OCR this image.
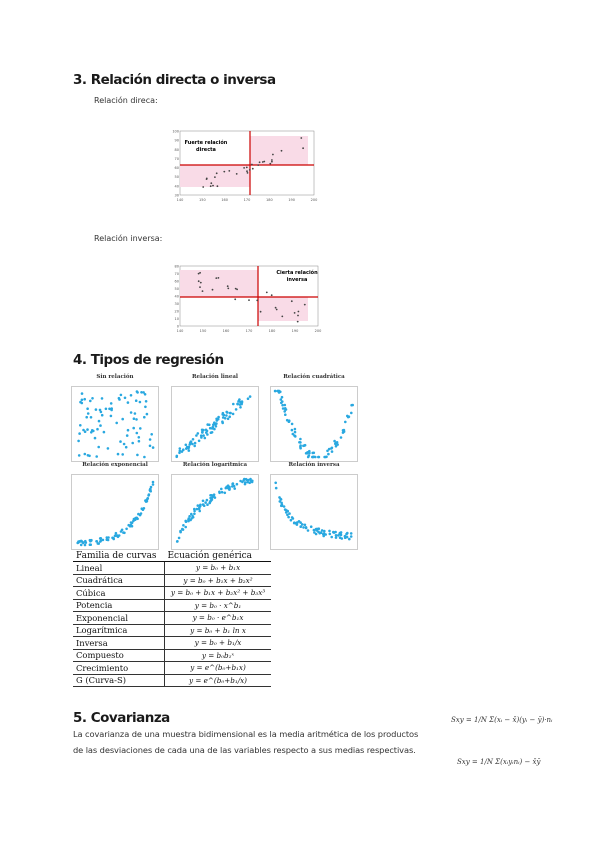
3. Relación directa o inversa
Relación direca:
Fuerte relación
directa
100
90
80
70
60
50
40
30
140	150	160	170	180	190	200
Relación inversa:
Cierta relación
inversa
80
70
60
50
40
30
20
10
0
140	150	160	170	180	190	200
4. Tipos de regresión
Sin relación	Relación lineal	Relación cuadrática
Relación exponencial	Relación logarítmica	Relación inversa
Familia de curvas	Ecuación genérica
Lineal	y = b₀ + b₁x
Cuadrática	y = b₀ + b₁x + b₂x²
Cúbica	y = b₀ + b₁x + b₂x² + b₃x³
Potencia	y = b₀ · x^b₁
Exponencial	y = b₀ · e^b₁x
Logarítmica	y = b₀ + b₁ ln x
Inversa	y = b₀ + b₁/x
Compuesto	y = b₀b₁ˣ
Crecimiento	y = e^(b₀+b₁x)
G (Curva-S)	y = e^(b₀+b₁/x)
5. Covarianza
La covarianza de una muestra bidimensional es la media aritmética de los productos
de las desviaciones de cada una de las variables respecto a sus medias respectivas.
Sxy = 1/N Σ(xᵢ − x̄)(yᵢ − ȳ)·nᵢ
Sxy = 1/N Σ(xᵢyᵢnᵢ) − x̄ȳ
